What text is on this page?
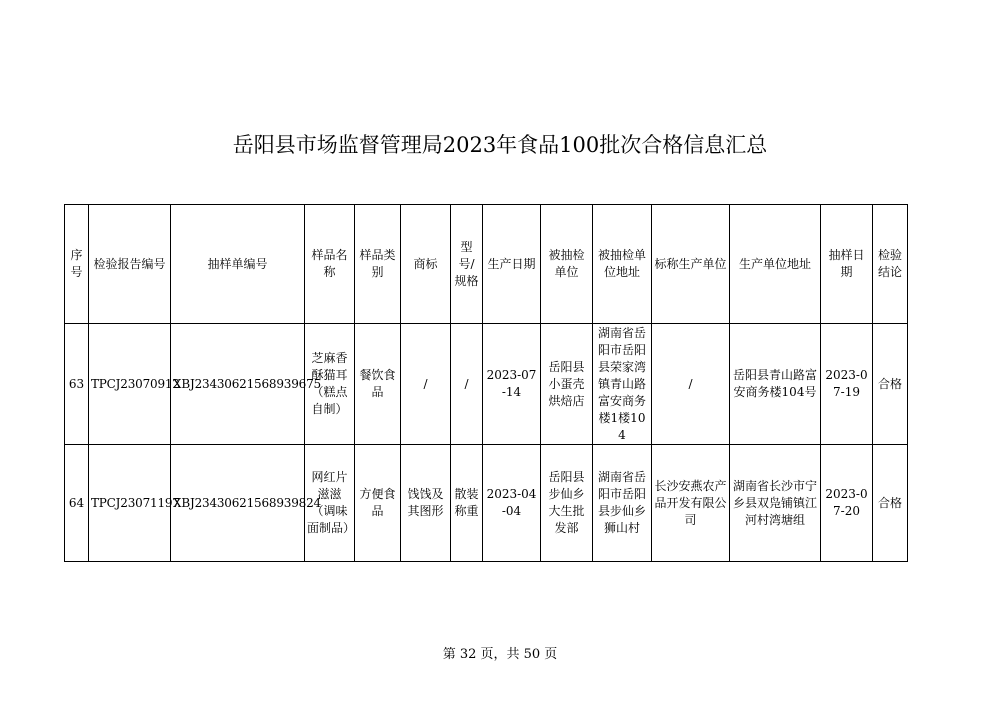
岳阳县市场监督管理局2023年食品100批次合格信息汇总
序号	检验报告编号	抽样单编号	样品名称	样品类别	商标	型号/规格	生产日期	被抽检单位	被抽检单位地址	标称生产单位	生产单位地址	抽样日期	检验结论
63	TPCJ23070912	XBJ23430621568939675	芝麻香酥猫耳（糕点自制）	餐饮食品	/	/	2023-07-14	岳阳县小蛋壳烘焙店	湖南省岳阳市岳阳县荣家湾镇青山路富安商务楼1楼104	/	岳阳县青山路富安商务楼104号	2023-07-19	合格
64	TPCJ23071197	XBJ23430621568939824	网红片滋滋（调味面制品）	方便食品	饯饯及其图形	散装称重	2023-04-04	岳阳县步仙乡大生批发部	湖南省岳阳市岳阳县步仙乡狮山村	长沙安燕农产品开发有限公司	湖南省长沙市宁乡县双凫铺镇江河村湾塘组	2023-07-20	合格
第 32 页，共 50 页
